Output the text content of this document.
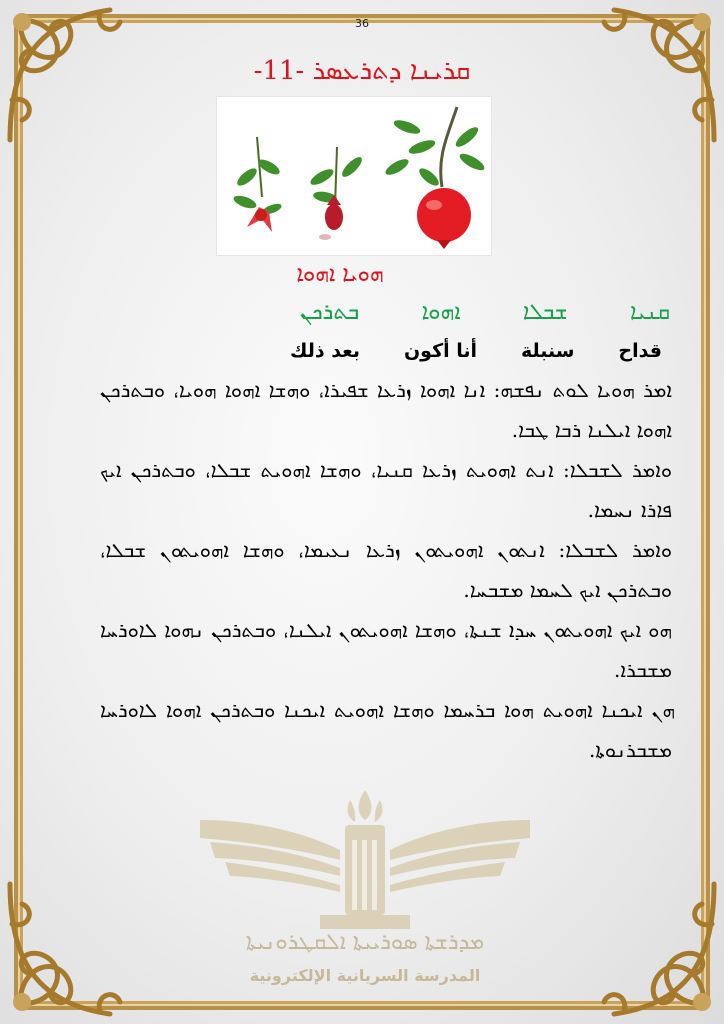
36
ܩܪܝܢܐ ܕܬܪܥܣܪ -11-
ܗܘܝܐ ܐܗܘܐ
ܩܢܝܐ
ܫܒܠܐ
ܐܗܘܐ
ܒܬܪܟܢ
قداح
سنبلة
أنا أكون
بعد ذلك

ܐܡܪ ܗܘܝܐ ܠܘܬ ܢܦܫܗ: ܐܢܐ ܐܗܘܐ ܙܪܥܐ ܫܦܝܪܐ، ܘܗܫܐ ܐܗܘܐ ܗܘܝܐ، ܘܒܬܪܟܢ ܐܗܘܐ ܐܝܠܢܐ ܪܒܐ ܛܒܐ.

ܘܐܡܪ ܠܫܒܠܐ: ܐܢܬ ܐܗܘܝܬ ܙܪܥܐ ܩܢܝܐ، ܘܗܫܐ ܐܗܘܝܬ ܫܒܠܐ، ܘܒܬܪܟܢ ܐܝܟ ܦܐܪܐ ܢܚܡܐ.

ܘܐܡܪ ܠܫܒܠܐ: ܐܢܬܘܢ ܐܗܘܝܬܘܢ ܙܪܥܐ ܢܥܝܡܐ، ܘܗܫܐ ܐܗܘܝܬܘܢ ܫܒܠܐ، ܘܒܬܪܟܢ ܐܝܟ ܠܚܡܐ ܡܫܒܚܐ.

ܗܘ ܐܝܟ ܐܗܘܝܬܘܢ ܚܕܐ ܫܢܬܐ، ܘܗܫܐ ܐܗܘܝܬܘܢ ܐܝܠܢܐ، ܘܒܬܪܟܢ ܢܗܘܐ ܠܐܘܪܚܐ ܡܫܒܪܐ.

ܗܢ ܐܝܟܢܐ ܐܗܘܝܬ ܗܘܐ ܒܪܚܡܐ ܘܗܫܐ ܐܗܘܝܬ ܐܝܟܢܐ ܘܒܬܪܟܢ ܐܗܘܐ ܠܐܘܪܚܐ ܡܫܒܪܢܘܬܐ.

ܡܕܪܫܬܐ ܣܘܪܝܝܬܐ ܐܠܩܛܪܘܢܝܬܐ
المدرسة السريانية الإلكترونية
